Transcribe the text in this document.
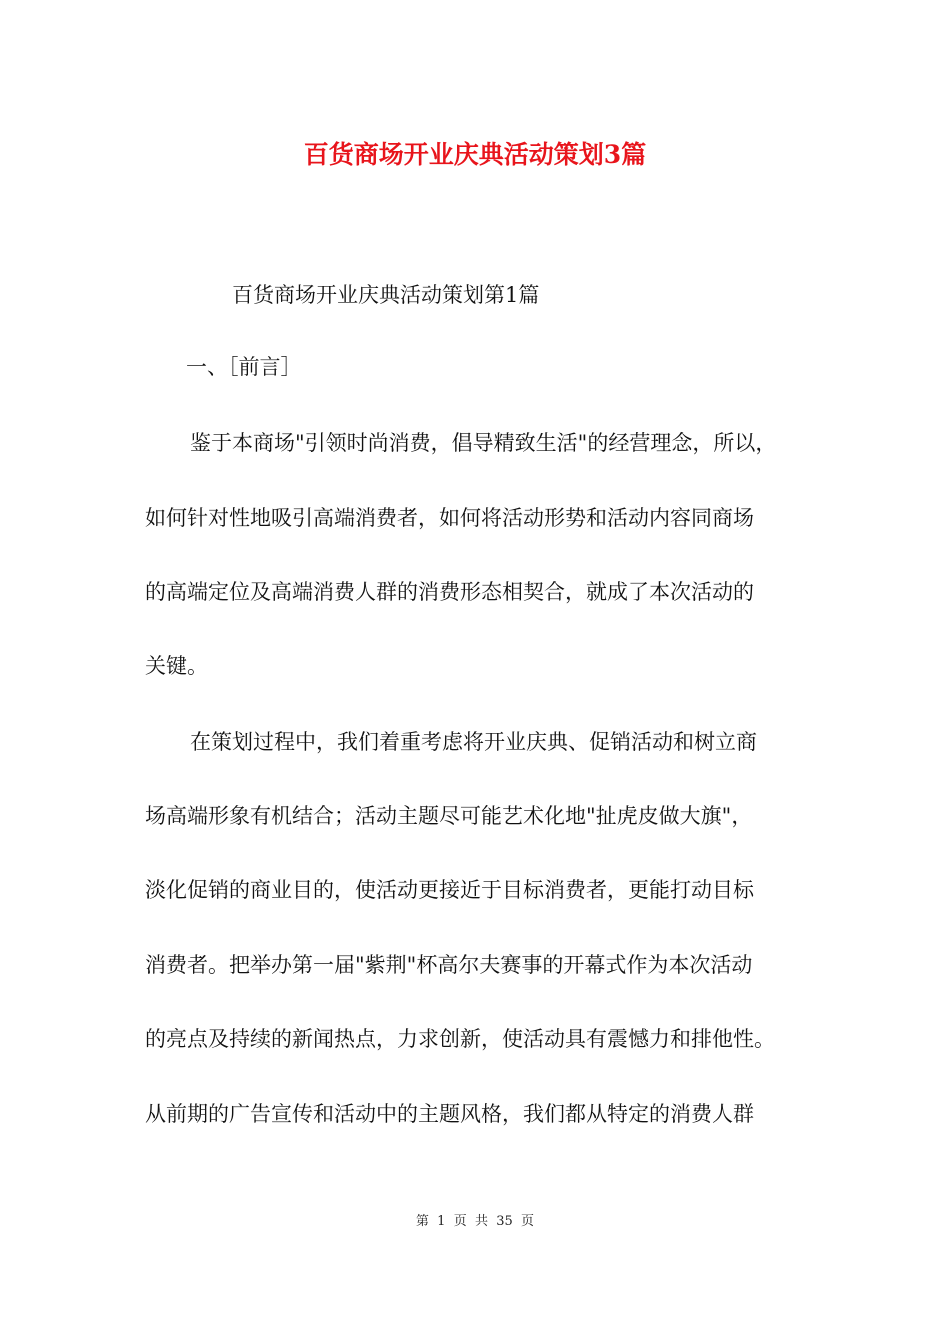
百货商场开业庆典活动策划3篇
百货商场开业庆典活动策划第1篇
一、［前言］
鉴于本商场"引领时尚消费，倡导精致生活"的经营理念，所以，
如何针对性地吸引高端消费者，如何将活动形势和活动内容同商场
的高端定位及高端消费人群的消费形态相契合，就成了本次活动的
关键。
在策划过程中，我们着重考虑将开业庆典、促销活动和树立商
场高端形象有机结合；活动主题尽可能艺术化地"扯虎皮做大旗"，
淡化促销的商业目的，使活动更接近于目标消费者，更能打动目标
消费者。把举办第一届"紫荆"杯高尔夫赛事的开幕式作为本次活动
的亮点及持续的新闻热点，力求创新，使活动具有震憾力和排他性。
从前期的广告宣传和活动中的主题风格，我们都从特定的消费人群
第  1  页  共  35  页
